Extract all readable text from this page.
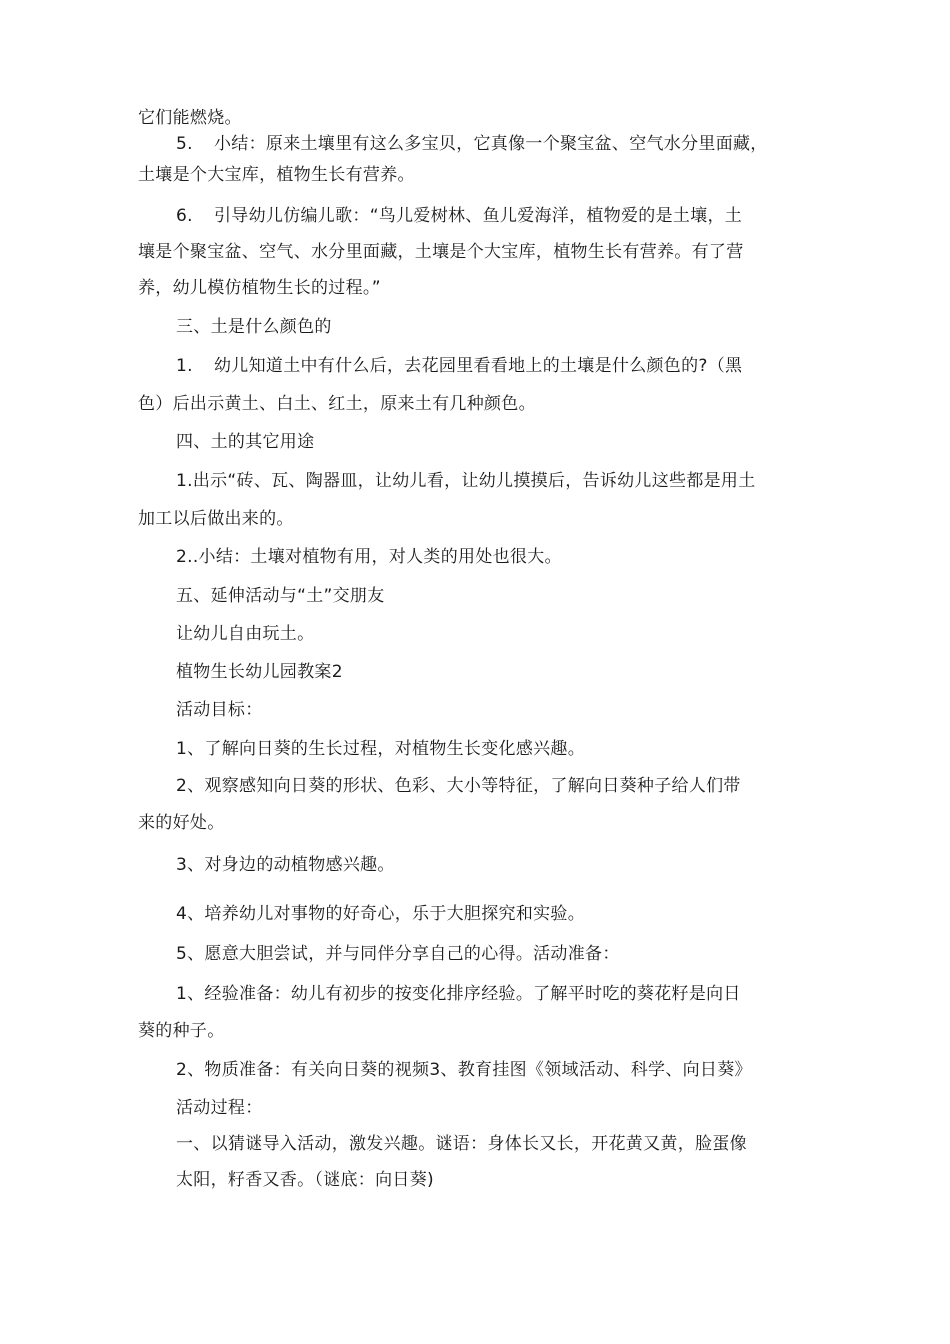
它们能燃烧。
5. 小结：原来土壤里有这么多宝贝，它真像一个聚宝盆、空气水分里面藏，
土壤是个大宝库，植物生长有营养。
6. 引导幼儿仿编儿歌：“鸟儿爱树林、鱼儿爱海洋，植物爱的是土壤，土
壤是个聚宝盆、空气、水分里面藏，土壤是个大宝库，植物生长有营养。有了营
养，幼儿模仿植物生长的过程。”
三、土是什么颜色的
1. 幼儿知道土中有什么后，去花园里看看地上的土壤是什么颜色的?（黑
色）后出示黄土、白土、红土，原来土有几种颜色。
四、土的其它用途
1.出示“砖、瓦、陶器皿，让幼儿看，让幼儿摸摸后，告诉幼儿这些都是用土
加工以后做出来的。
2..小结：土壤对植物有用，对人类的用处也很大。
五、延伸活动与“土”交朋友
让幼儿自由玩土。
植物生长幼儿园教案2
活动目标：
1、了解向日葵的生长过程，对植物生长变化感兴趣。
2、观察感知向日葵的形状、色彩、大小等特征，了解向日葵种子给人们带
来的好处。
3、对身边的动植物感兴趣。
4、培养幼儿对事物的好奇心，乐于大胆探究和实验。
5、愿意大胆尝试，并与同伴分享自己的心得。活动准备：
1、经验准备：幼儿有初步的按变化排序经验。了解平时吃的葵花籽是向日
葵的种子。
2、物质准备：有关向日葵的视频3、教育挂图《领域活动、科学、向日葵》
活动过程：
一、以猜谜导入活动，激发兴趣。谜语：身体长又长，开花黄又黄，脸蛋像
太阳，籽香又香。（谜底：向日葵)
